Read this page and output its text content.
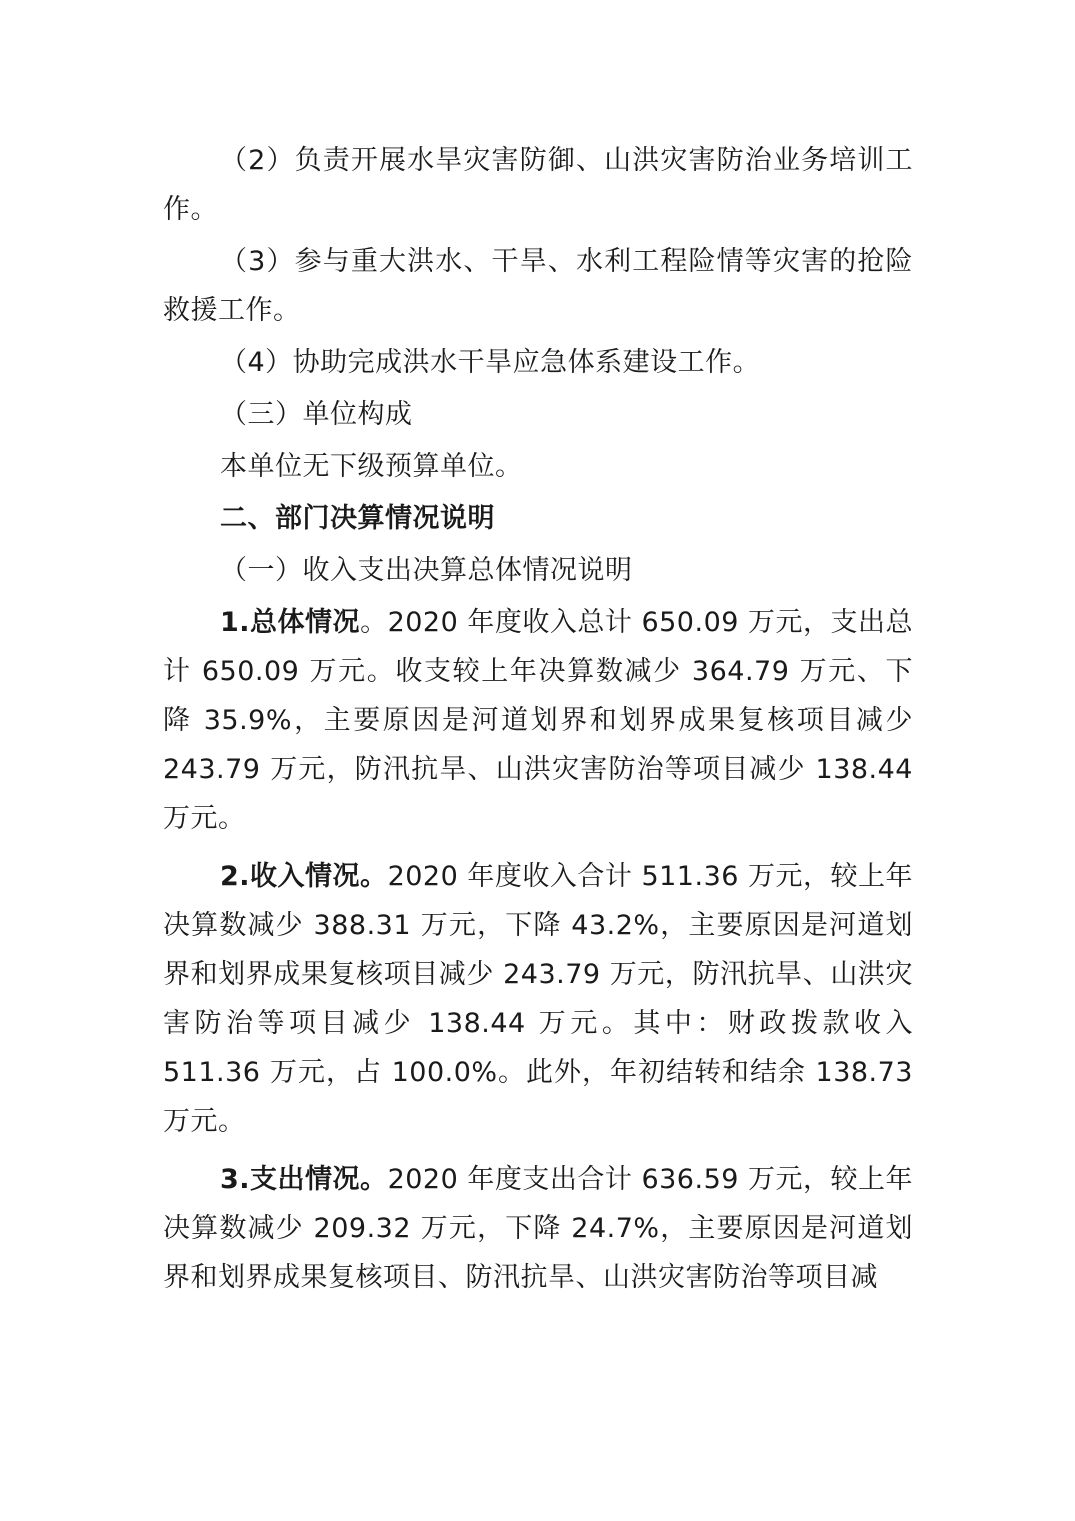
（2）负责开展水旱灾害防御、山洪灾害防治业务培训工作。

（3）参与重大洪水、干旱、水利工程险情等灾害的抢险救援工作。

（4）协助完成洪水干旱应急体系建设工作。

（三）单位构成

本单位无下级预算单位。

二、部门决算情况说明

（一）收入支出决算总体情况说明

1.总体情况。2020 年度收入总计 650.09 万元，支出总计 650.09 万元。收支较上年决算数减少 364.79 万元、下降 35.9%，主要原因是河道划界和划界成果复核项目减少 243.79 万元，防汛抗旱、山洪灾害防治等项目减少 138.44 万元。

2.收入情况。2020 年度收入合计 511.36 万元，较上年决算数减少 388.31 万元，下降 43.2%，主要原因是河道划界和划界成果复核项目减少 243.79 万元，防汛抗旱、山洪灾害防治等项目减少 138.44 万元。其中：财政拨款收入 511.36 万元，占 100.0%。此外，年初结转和结余 138.73 万元。

3.支出情况。2020 年度支出合计 636.59 万元，较上年决算数减少 209.32 万元，下降 24.7%，主要原因是河道划界和划界成果复核项目、防汛抗旱、山洪灾害防治等项目减
